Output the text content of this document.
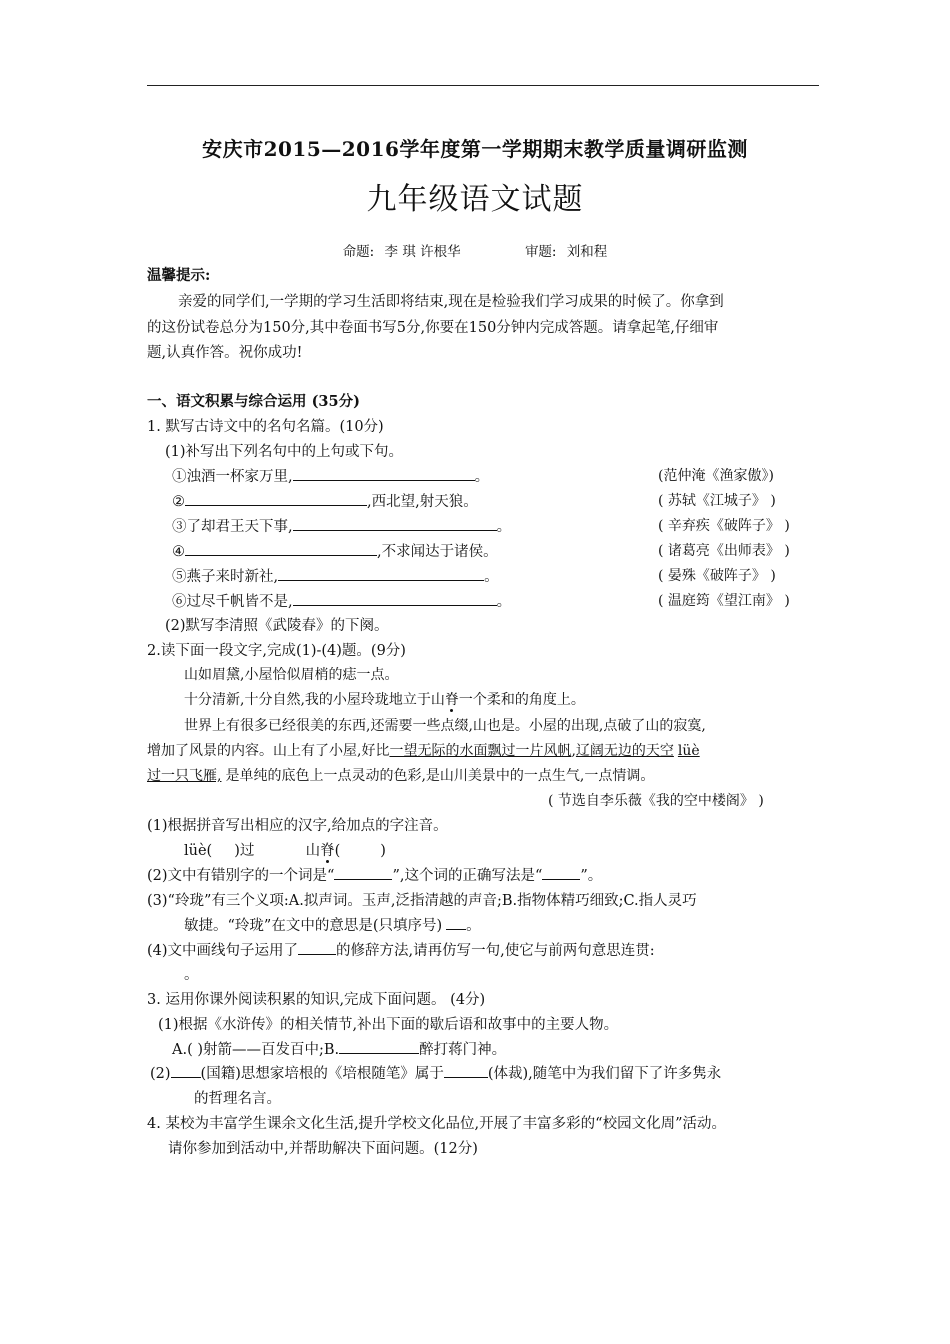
安庆市2015—2016学年度第一学期期末教学质量调研监测
九年级语文试题
命题: 李 琪 许根华	审题: 刘和程
温馨提示:
亲爱的同学们,一学期的学习生活即将结束,现在是检验我们学习成果的时候了。你拿到
的这份试卷总分为150分,其中卷面书写5分,你要在150分钟内完成答题。请拿起笔,仔细审
题,认真作答。祝你成功!
一、语文积累与综合运用 (35分)
1. 默写古诗文中的名句名篇。(10分)
(1)补写出下列名句中的上句或下句。
①浊酒一杯家万里,	。	(范仲淹《渔家傲》)
②	,西北望,射天狼。	( 苏轼《江城子》 )
③了却君王天下事,	。	( 辛弃疾《破阵子》 )
④	,不求闻达于诸侯。	( 诸葛亮《出师表》 )
⑤燕子来时新社,	。	( 晏殊《破阵子》 )
⑥过尽千帆皆不是,	。	( 温庭筠《望江南》 )
(2)默写李清照《武陵春》的下阕。
2.读下面一段文字,完成(1)-(4)题。(9分)
山如眉黛,小屋恰似眉梢的痣一点。
十分清新,十分自然,我的小屋玲珑地立于山脊一个柔和的角度上。
世界上有很多已经很美的东西,还需要一些点缀,山也是。小屋的出现,点破了山的寂寞,
增加了风景的内容。山上有了小屋,好比一望无际的水面飘过一片风帆,辽阔无边的天空 lüè
过一只飞雁, 是单纯的底色上一点灵动的色彩,是山川美景中的一点生气,一点情调。
( 节选自李乐薇《我的空中楼阁》 )
(1)根据拼音写出相应的汉字,给加点的字注音。
lüè( )过	山脊(	)
(2)文中有错别字的一个词是“	”,这个词的正确写法是“	”。
(3)“玲珑”有三个义项:A.拟声词。玉声,泛指清越的声音;B.指物体精巧细致;C.指人灵巧
敏捷。“玲珑”在文中的意思是(只填序号) 。
(4)文中画线句子运用了	的修辞方法,请再仿写一句,使它与前两句意思连贯:
。
3. 运用你课外阅读积累的知识,完成下面问题。 (4分)
(1)根据《水浒传》的相关情节,补出下面的歇后语和故事中的主要人物。
A.( )射箭——百发百中;B.	醉打蒋门神。
(2) (国籍)思想家培根的《培根随笔》属于	(体裁),随笔中为我们留下了许多隽永
的哲理名言。
4. 某校为丰富学生课余文化生活,提升学校文化品位,开展了丰富多彩的“校园文化周”活动。
请你参加到活动中,并帮助解决下面问题。(12分)
